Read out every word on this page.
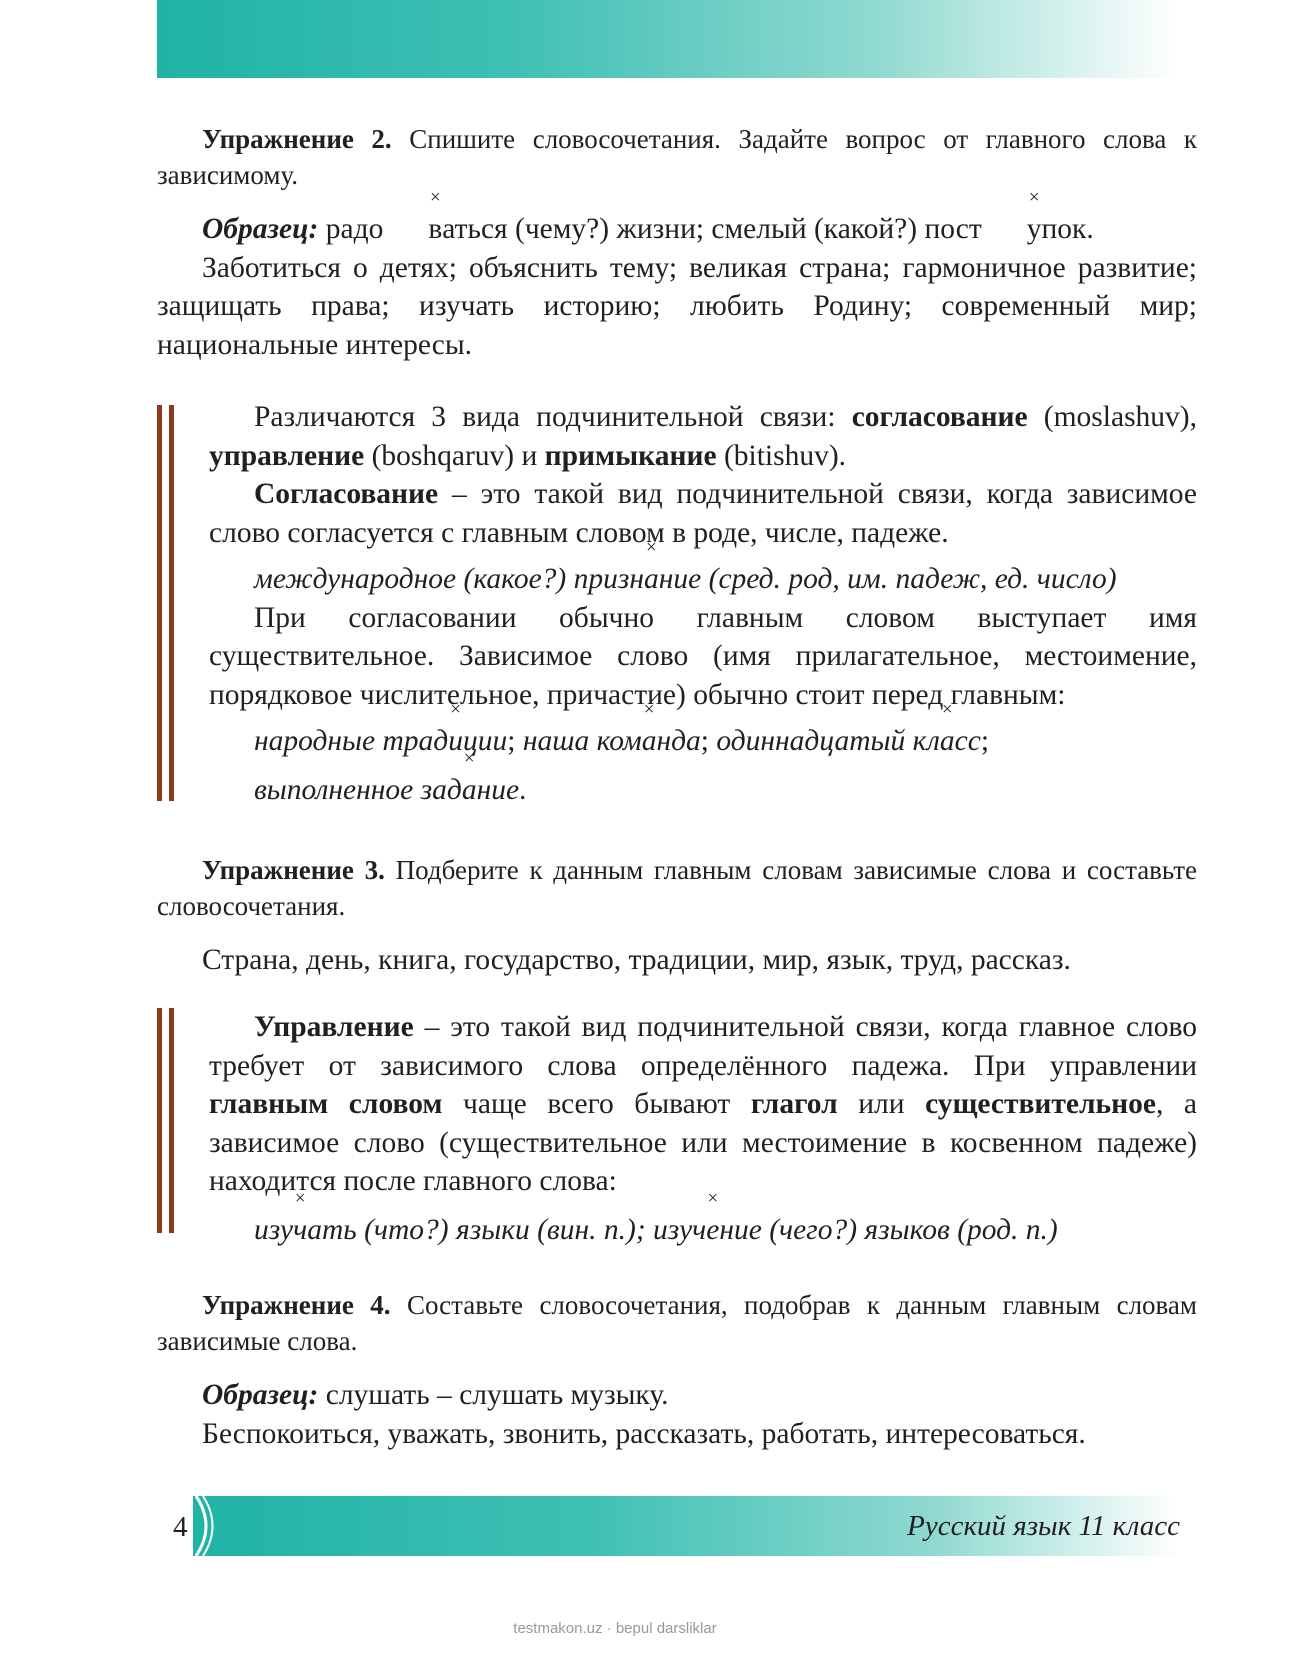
Упражнение 2. Спишите словосочетания. Задайте вопрос от главного слова к зависимому.

Образец: радо × ваться (чему?) жизни; смелый (какой?) пост × упок.

Заботиться о детях; объяснить тему; великая страна; гармоничное развитие; защищать права; изучать историю; любить Родину; современный мир; национальные интересы.

Различаются 3 вида подчинительной связи: согласование (moslashuv), управление (boshqaruv) и примыкание (bitishuv).

Согласование – это такой вид подчинительной связи, когда зависимое слово согласуется с главным словом в роде, числе, падеже.

международное (какое?) призн× ание (сред. род, им. падеж, ед. число)

При согласовании обычно главным словом выступает имя существительное. Зависимое слово (имя прилагательное, местоимение, порядковое числительное, причастие) обычно стоит перед главным:

народные трад× иции; наша ком× анда; одиннадцатый кл× асс;

выполненное зад× ание.

Упражнение 3. Подберите к данным главным словам зависимые слова и составьте словосочетания.

Страна, день, книга, государство, традиции, мир, язык, труд, рассказ.

Управление – это такой вид подчинительной связи, когда главное слово требует от зависимого слова определённого падежа. При управлении главным словом чаще всего бывают глагол или существительное, а зависимое слово (существительное или местоимение в косвенном падеже) находится после главного слова:

изу× чать (что?) языки (вин. п.); изуч× ение (чего?) языков (род. п.)

Упражнение 4. Составьте словосочетания, подобрав к данным главным словам зависимые слова.

Образец: слушать – слушать музыку.

Беспокоиться, уважать, звонить, рассказать, работать, интересоваться.

4	Русский язык 11 класс
testmakon.uz · bepul darsliklar
